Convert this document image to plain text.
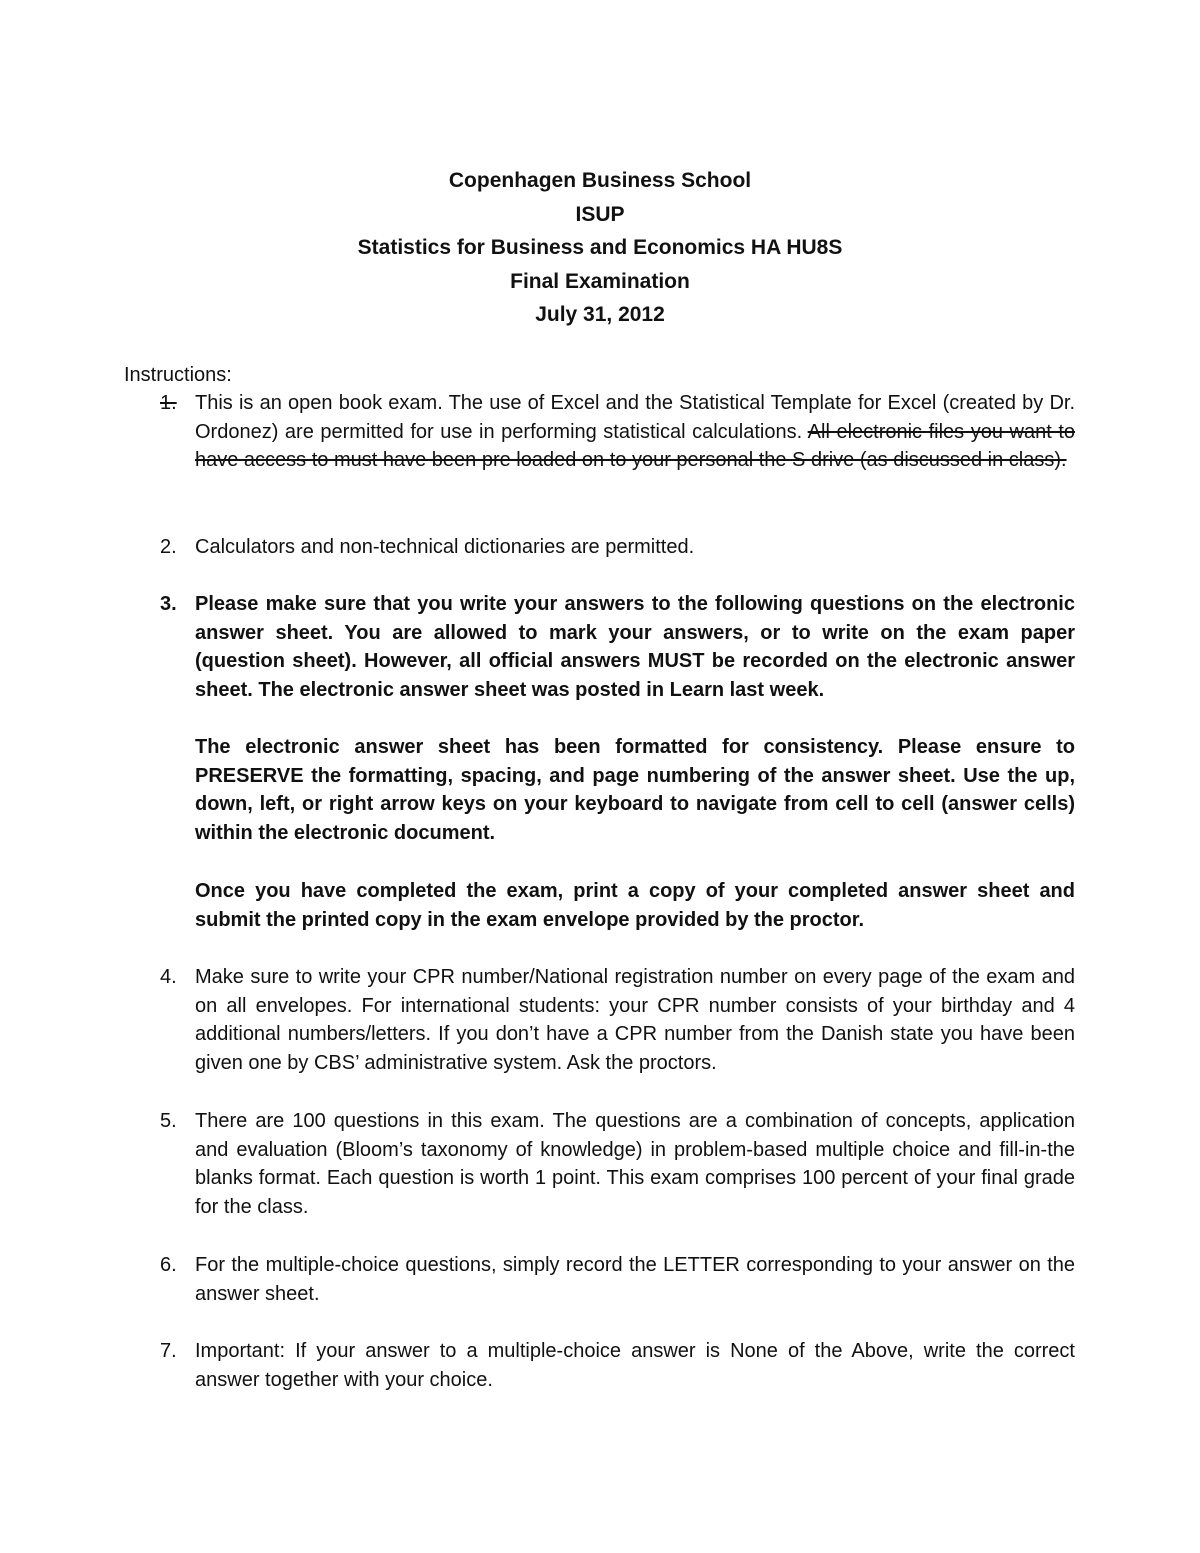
Copenhagen Business School
ISUP
Statistics for Business and Economics HA HU8S
Final Examination
July 31, 2012
Instructions:
1. This is an open book exam. The use of Excel and the Statistical Template for Excel (created by Dr. Ordonez) are permitted for use in performing statistical calculations. All electronic files you want to have access to must have been pre loaded on to your personal the S drive (as discussed in class).
2. Calculators and non-technical dictionaries are permitted.
3. Please make sure that you write your answers to the following questions on the electronic answer sheet. You are allowed to mark your answers, or to write on the exam paper (question sheet). However, all official answers MUST be recorded on the electronic answer sheet. The electronic answer sheet was posted in Learn last week.

The electronic answer sheet has been formatted for consistency. Please ensure to PRESERVE the formatting, spacing, and page numbering of the answer sheet. Use the up, down, left, or right arrow keys on your keyboard to navigate from cell to cell (answer cells) within the electronic document.

Once you have completed the exam, print a copy of your completed answer sheet and submit the printed copy in the exam envelope provided by the proctor.

4. Make sure to write your CPR number/National registration number on every page of the exam and on all envelopes. For international students: your CPR number consists of your birthday and 4 additional numbers/letters. If you don’t have a CPR number from the Danish state you have been given one by CBS’ administrative system. Ask the proctors.
5. There are 100 questions in this exam. The questions are a combination of concepts, application and evaluation (Bloom’s taxonomy of knowledge) in problem-based multiple choice and fill-in-the blanks format. Each question is worth 1 point. This exam comprises 100 percent of your final grade for the class.
6. For the multiple-choice questions, simply record the LETTER corresponding to your answer on the answer sheet.
7. Important: If your answer to a multiple-choice answer is None of the Above, write the correct answer together with your choice.
